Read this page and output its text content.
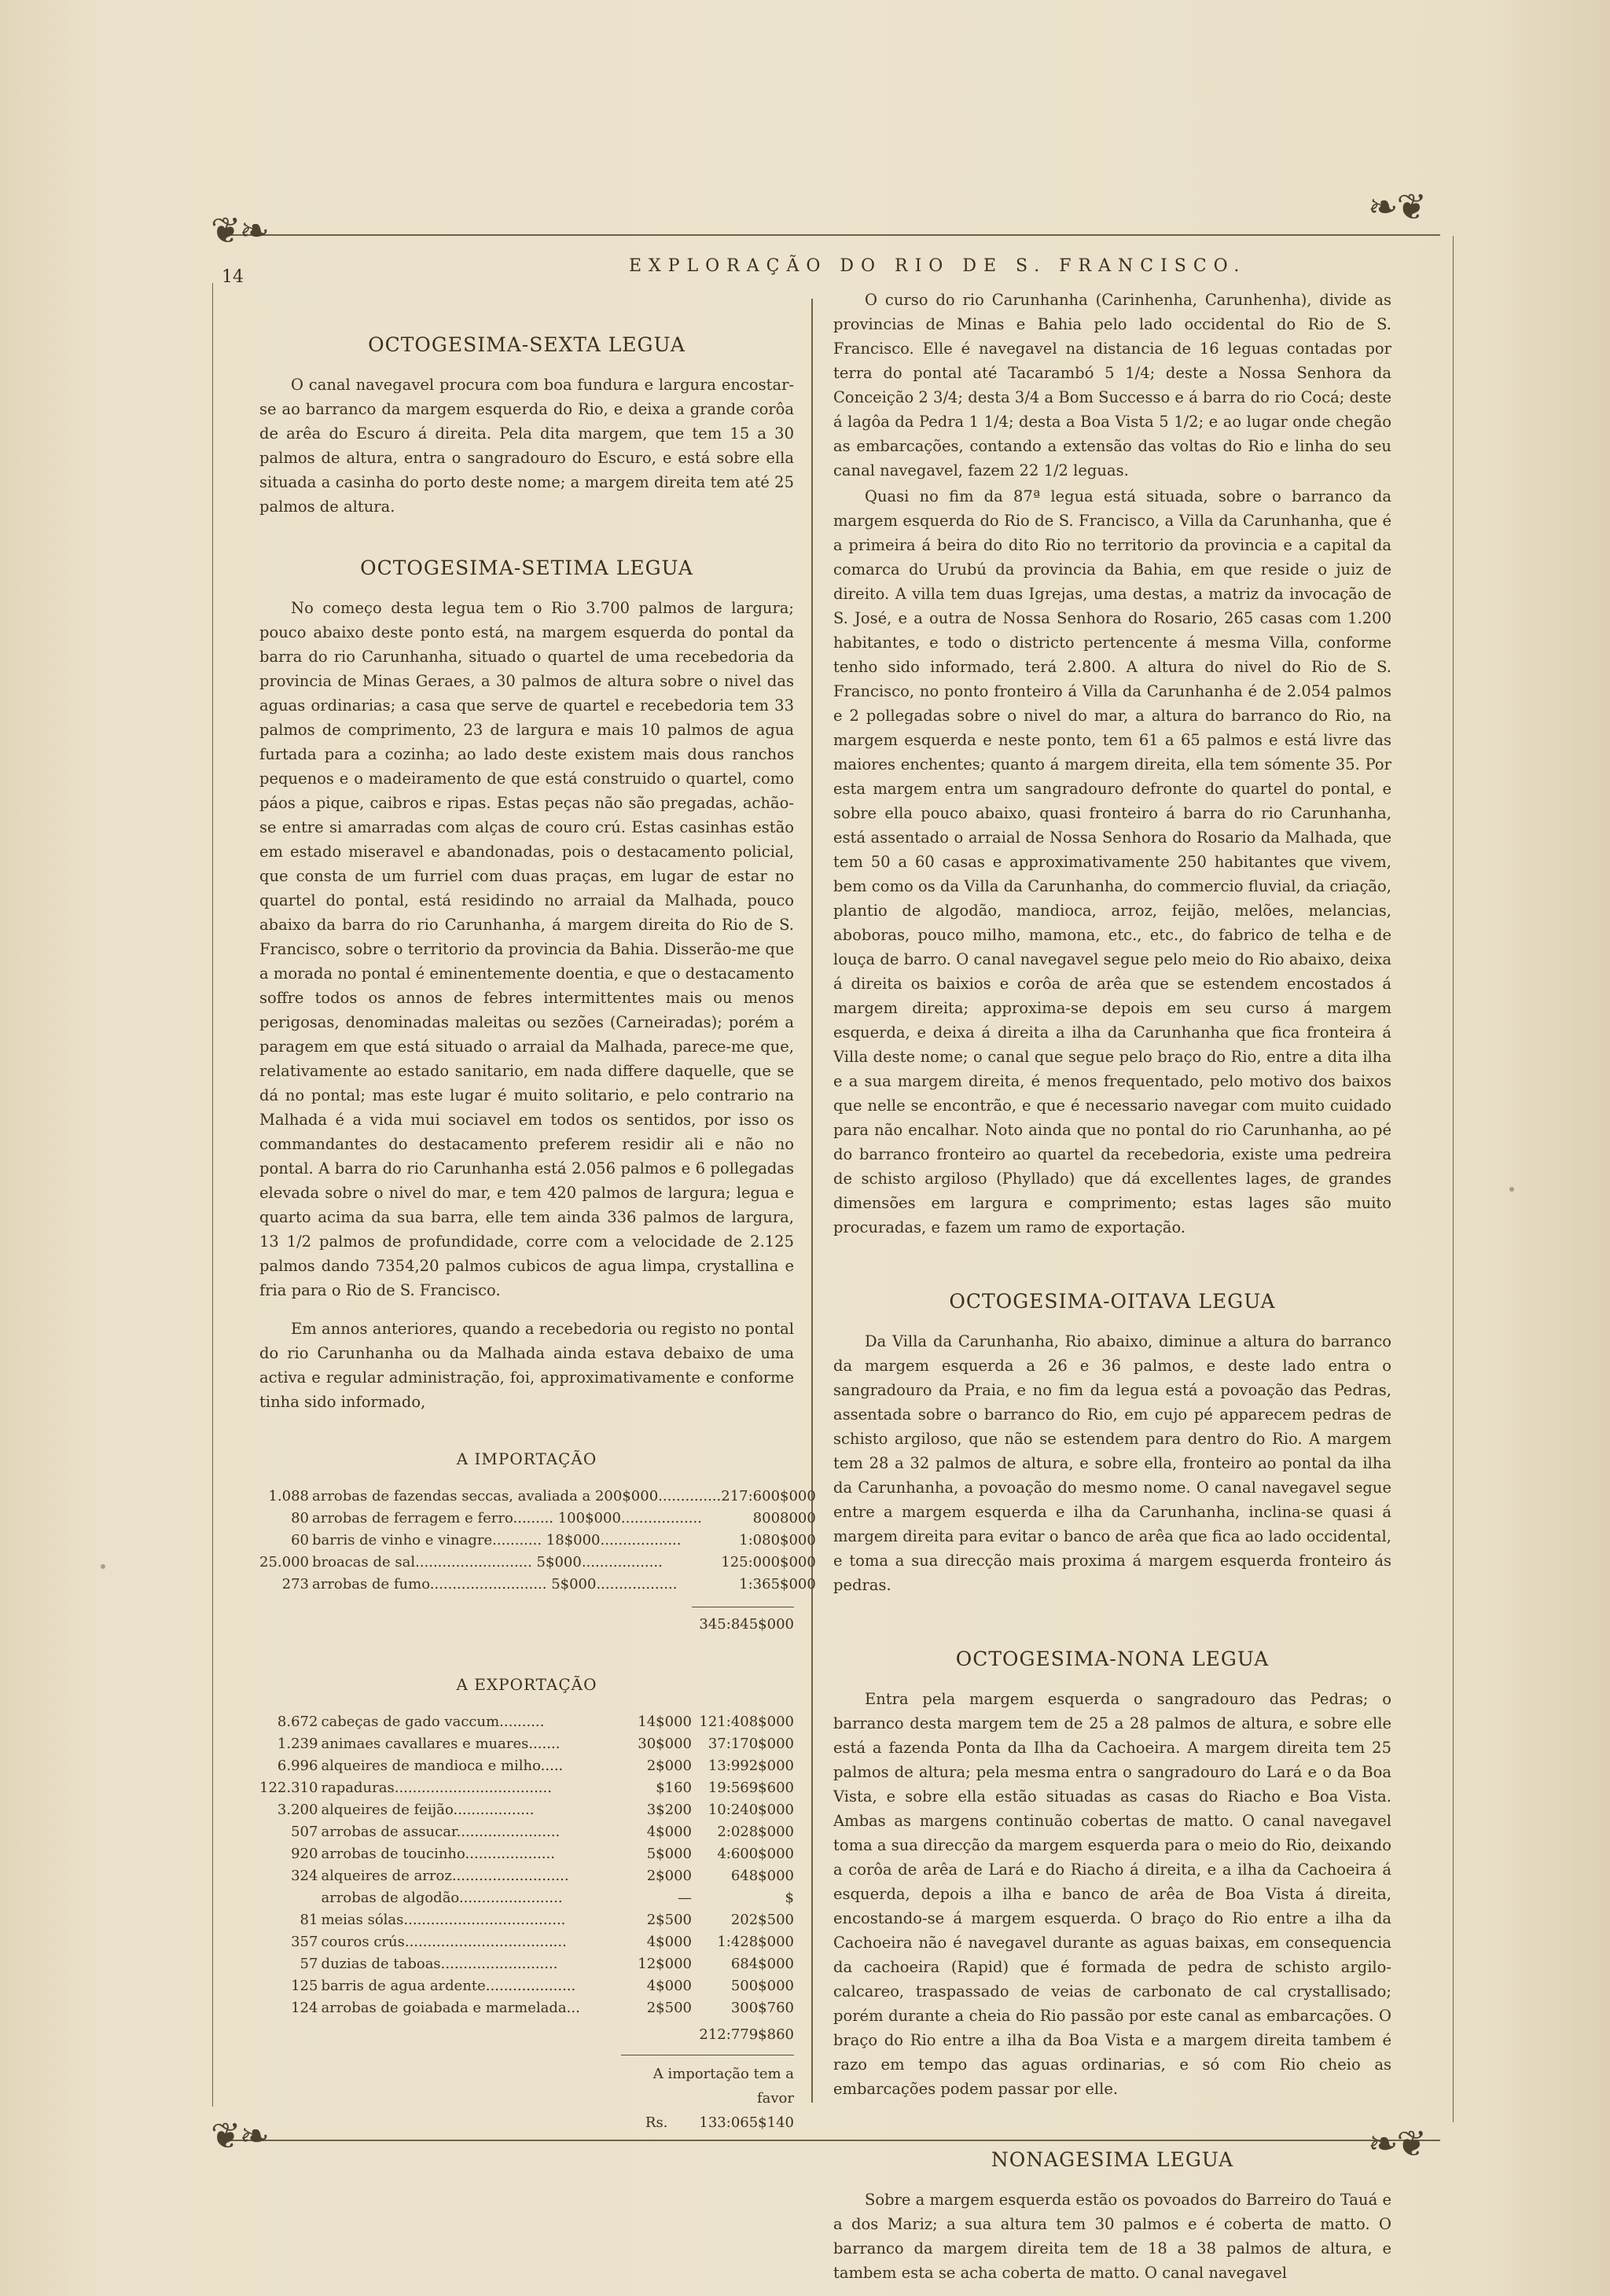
❦❧
❧❦
❦❧	❧❦
14
EXPLORAÇÃO DO RIO DE S. FRANCISCO.
OCTOGESIMA-SEXTA LEGUA

O canal navegavel procura com boa fundura e largura encostar-se ao barranco da margem esquerda do Rio, e deixa a grande corôa de arêa do Escuro á direita. Pela dita margem, que tem 15 a 30 palmos de altura, entra o sangradouro do Escuro, e está sobre ella situada a casinha do porto deste nome; a margem direita tem até 25 palmos de altura.

OCTOGESIMA-SETIMA LEGUA

No começo desta legua tem o Rio 3.700 palmos de largura; pouco abaixo deste ponto está, na margem esquerda do pontal da barra do rio Carunhanha, situado o quartel de uma recebedoria da provincia de Minas Geraes, a 30 palmos de altura sobre o nivel das aguas ordinarias; a casa que serve de quartel e recebedoria tem 33 palmos de comprimento, 23 de largura e mais 10 palmos de agua furtada para a cozinha; ao lado deste existem mais dous ranchos pequenos e o madeiramento de que está construido o quartel, como páos a pique, caibros e ripas. Estas peças não são pregadas, achão-se entre si amarradas com alças de couro crú. Estas casinhas estão em estado miseravel e abandonadas, pois o destacamento policial, que consta de um furriel com duas praças, em lugar de estar no quartel do pontal, está residindo no arraial da Malhada, pouco abaixo da barra do rio Carunhanha, á margem direita do Rio de S. Francisco, sobre o territorio da provincia da Bahia. Disserão-me que a morada no pontal é eminentemente doentia, e que o destacamento soffre todos os annos de febres intermittentes mais ou menos perigosas, denominadas maleitas ou sezões (Carneiradas); porém a paragem em que está situado o arraial da Malhada, parece-me que, relativamente ao estado sanitario, em nada differe daquelle, que se dá no pontal; mas este lugar é muito solitario, e pelo contrario na Malhada é a vida mui sociavel em todos os sentidos, por isso os commandantes do destacamento preferem residir ali e não no pontal. A barra do rio Carunhanha está 2.056 palmos e 6 pollegadas elevada sobre o nivel do mar, e tem 420 palmos de largura; legua e quarto acima da sua barra, elle tem ainda 336 palmos de largura, 13 1/2 palmos de profundidade, corre com a velocidade de 2.125 palmos dando 7354,20 palmos cubicos de agua limpa, crystallina e fria para o Rio de S. Francisco.

Em annos anteriores, quando a recebedoria ou registo no pontal do rio Carunhanha ou da Malhada ainda estava debaixo de uma activa e regular administração, foi, approximativamente e conforme tinha sido informado,

A IMPORTAÇÃO
1.088	arrobas de fazendas seccas, avaliada a 200$000..............	217:600$000
80	arrobas de ferragem e ferro......... 100$000..................	8008000
60	barris de vinho e vinagre........... 18$000..................	1:080$000
25.000	broacas de sal.......................... 5$000..................	125:000$000
273	arrobas de fumo.......................... 5$000..................	1:365$000
345:845$000
A EXPORTAÇÃO
8.672	cabeças de gado vaccum..........	14$000	121:408$000
1.239	animaes cavallares e muares.......	30$000	37:170$000
6.996	alqueires de mandioca e milho.....	2$000	13:992$000
122.310	rapaduras...................................	$160	19:569$600
3.200	alqueires de feijão..................	3$200	10:240$000
507	arrobas de assucar.......................	4$000	2:028$000
920	arrobas de toucinho....................	5$000	4:600$000
324	alqueires de arroz..........................	2$000	648$000
	arrobas de algodão.......................	—	$
81	meias sólas....................................	2$500	202$500
357	couros crús....................................	4$000	1:428$000
57	duzias de taboas..........................	12$000	684$000
125	barris de agua ardente....................	4$000	500$000
124	arrobas de goiabada e marmelada...	2$500	300$760
212:779$860
A importação tem a favor Rs. 133:065$140

O curso do rio Carunhanha (Carinhenha, Carunhenha), divide as provincias de Minas e Bahia pelo lado occidental do Rio de S. Francisco. Elle é navegavel na distancia de 16 leguas contadas por terra do pontal até Tacarambó 5 1/4; deste a Nossa Senhora da Conceição 2 3/4; desta 3/4 a Bom Successo e á barra do rio Cocá; deste á lagôa da Pedra 1 1/4; desta a Boa Vista 5 1/2; e ao lugar onde chegão as embarcações, contando a extensão das voltas do Rio e linha do seu canal navegavel, fazem 22 1/2 leguas.

Quasi no fim da 87ª legua está situada, sobre o barranco da margem esquerda do Rio de S. Francisco, a Villa da Carunhanha, que é a primeira á beira do dito Rio no territorio da provincia e a capital da comarca do Urubú da provincia da Bahia, em que reside o juiz de direito. A villa tem duas Igrejas, uma destas, a matriz da invocação de S. José, e a outra de Nossa Senhora do Rosario, 265 casas com 1.200 habitantes, e todo o districto pertencente á mesma Villa, conforme tenho sido informado, terá 2.800. A altura do nivel do Rio de S. Francisco, no ponto fronteiro á Villa da Carunhanha é de 2.054 palmos e 2 pollegadas sobre o nivel do mar, a altura do barranco do Rio, na margem esquerda e neste ponto, tem 61 a 65 palmos e está livre das maiores enchentes; quanto á margem direita, ella tem sómente 35. Por esta margem entra um sangradouro defronte do quartel do pontal, e sobre ella pouco abaixo, quasi fronteiro á barra do rio Carunhanha, está assentado o arraial de Nossa Senhora do Rosario da Malhada, que tem 50 a 60 casas e approximativamente 250 habitantes que vivem, bem como os da Villa da Carunhanha, do commercio fluvial, da criação, plantio de algodão, mandioca, arroz, feijão, melões, melancias, aboboras, pouco milho, mamona, etc., etc., do fabrico de telha e de louça de barro. O canal navegavel segue pelo meio do Rio abaixo, deixa á direita os baixios e corôa de arêa que se estendem encostados á margem direita; approxima-se depois em seu curso á margem esquerda, e deixa á direita a ilha da Carunhanha que fica fronteira á Villa deste nome; o canal que segue pelo braço do Rio, entre a dita ilha e a sua margem direita, é menos frequentado, pelo motivo dos baixos que nelle se encontrão, e que é necessario navegar com muito cuidado para não encalhar. Noto ainda que no pontal do rio Carunhanha, ao pé do barranco fronteiro ao quartel da recebedoria, existe uma pedreira de schisto argiloso (Phyllado) que dá excellentes lages, de grandes dimensões em largura e comprimento; estas lages são muito procuradas, e fazem um ramo de exportação.

OCTOGESIMA-OITAVA LEGUA

Da Villa da Carunhanha, Rio abaixo, diminue a altura do barranco da margem esquerda a 26 e 36 palmos, e deste lado entra o sangradouro da Praia, e no fim da legua está a povoação das Pedras, assentada sobre o barranco do Rio, em cujo pé apparecem pedras de schisto argiloso, que não se estendem para dentro do Rio. A margem tem 28 a 32 palmos de altura, e sobre ella, fronteiro ao pontal da ilha da Carunhanha, a povoação do mesmo nome. O canal navegavel segue entre a margem esquerda e ilha da Carunhanha, inclina-se quasi á margem direita para evitar o banco de arêa que fica ao lado occidental, e toma a sua direcção mais proxima á margem esquerda fronteiro ás pedras.

OCTOGESIMA-NONA LEGUA

Entra pela margem esquerda o sangradouro das Pedras; o barranco desta margem tem de 25 a 28 palmos de altura, e sobre elle está a fazenda Ponta da Ilha da Cachoeira. A margem direita tem 25 palmos de altura; pela mesma entra o sangradouro do Lará e o da Boa Vista, e sobre ella estão situadas as casas do Riacho e Boa Vista. Ambas as margens continuão cobertas de matto. O canal navegavel toma a sua direcção da margem esquerda para o meio do Rio, deixando a corôa de arêa de Lará e do Riacho á direita, e a ilha da Cachoeira á esquerda, depois a ilha e banco de arêa de Boa Vista á direita, encostando-se á margem esquerda. O braço do Rio entre a ilha da Cachoeira não é navegavel durante as aguas baixas, em consequencia da cachoeira (Rapid) que é formada de pedra de schisto argilo-calcareo, traspassado de veias de carbonato de cal crystallisado; porém durante a cheia do Rio passão por este canal as embarcações. O braço do Rio entre a ilha da Boa Vista e a margem direita tambem é razo em tempo das aguas ordinarias, e só com Rio cheio as embarcações podem passar por elle.

NONAGESIMA LEGUA

Sobre a margem esquerda estão os povoados do Barreiro do Tauá e a dos Mariz; a sua altura tem 30 palmos e é coberta de matto. O barranco da margem direita tem de 18 a 38 palmos de altura, e tambem esta se acha coberta de matto. O canal navegavel
